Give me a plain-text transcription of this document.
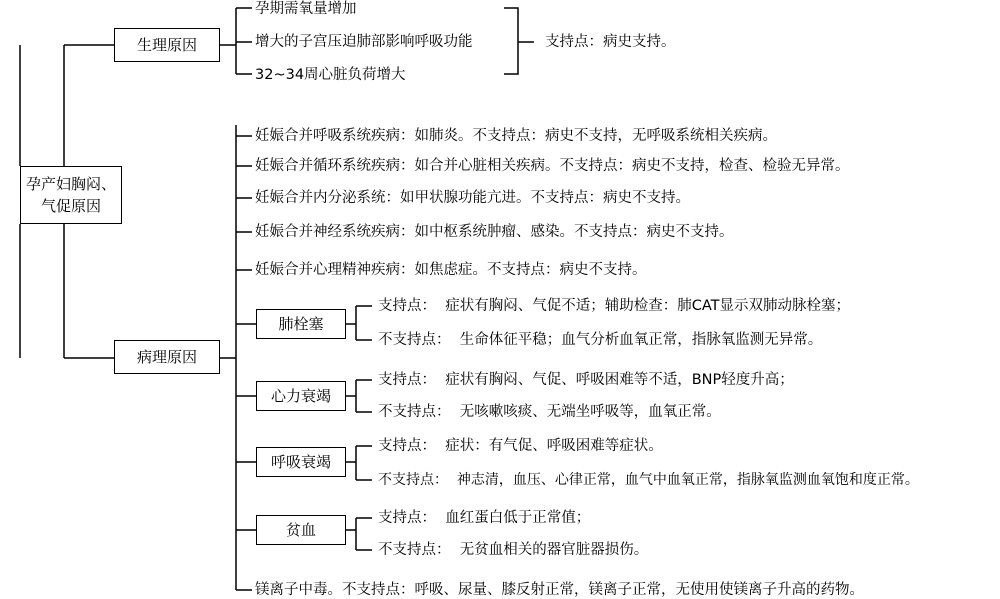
孕产妇胸闷、
气促原因
生理原因
孕期需氧量增加
增大的子宫压迫肺部影响呼吸功能
32~34周心脏负荷增大
支持点：病史支持。
病理原因
妊娠合并呼吸系统疾病：如肺炎。不支持点：病史不支持，无呼吸系统相关疾病。
妊娠合并循环系统疾病：如合并心脏相关疾病。不支持点：病史不支持，检查、检验无异常。
妊娠合并内分泌系统：如甲状腺功能亢进。不支持点：病史不支持。
妊娠合并神经系统疾病：如中枢系统肿瘤、感染。不支持点：病史不支持。
妊娠合并心理精神疾病：如焦虑症。不支持点：病史不支持。
肺栓塞
支持点：  症状有胸闷、气促不适；辅助检查：肺CAT显示双肺动脉栓塞；
不支持点：  生命体征平稳；血气分析血氧正常，指脉氧监测无异常。
心力衰竭
支持点：  症状有胸闷、气促、呼吸困难等不适，BNP轻度升高；
不支持点：  无咳嗽咳痰、无端坐呼吸等，血氧正常。
呼吸衰竭
支持点：  症状：有气促、呼吸困难等症状。
不支持点：  神志清，血压、心律正常，血气中血氧正常，指脉氧监测血氧饱和度正常。
贫血
支持点：  血红蛋白低于正常值；
不支持点：  无贫血相关的器官脏器损伤。
镁离子中毒。不支持点：呼吸、尿量、膝反射正常，镁离子正常，无使用使镁离子升高的药物。
